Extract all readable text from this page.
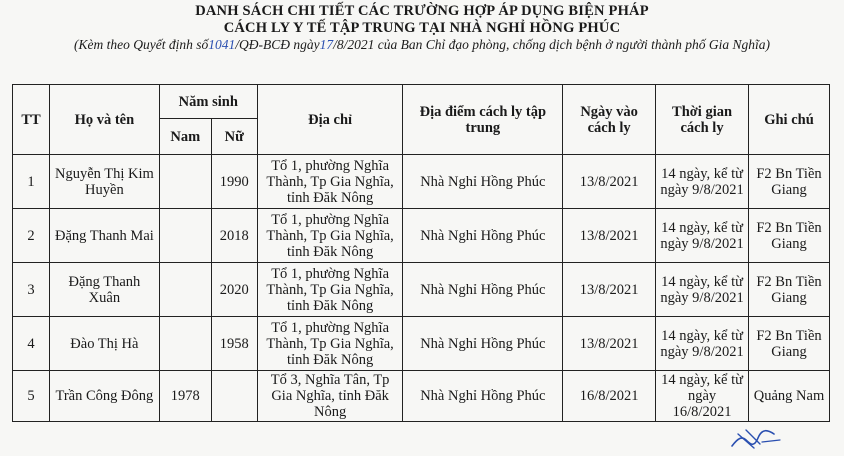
DANH SÁCH CHI TIẾT CÁC TRƯỜNG HỢP ÁP DỤNG BIỆN PHÁP
CÁCH LY Y TẾ TẬP TRUNG TẠI NHÀ NGHỈ HỒNG PHÚC
(Kèm theo Quyết định số1041/QĐ-BCĐ ngày17/8/2021 của Ban Chỉ đạo phòng, chống dịch bệnh ở người thành phố Gia Nghĩa)
TT	Họ và tên	Năm sinh		Địa chỉ	Địa điểm cách ly tập trung	Ngày vào cách ly	Thời gian cách ly	Ghi chú
		Nam	Nữ					
1	Nguyễn Thị Kim Huyền		1990	Tổ 1, phường Nghĩa Thành, Tp Gia Nghĩa, tỉnh Đăk Nông	Nhà Nghỉ Hồng Phúc	13/8/2021	14 ngày, kể từ ngày 9/8/2021	F2 Bn Tiền Giang
2	Đặng Thanh Mai		2018	Tổ 1, phường Nghĩa Thành, Tp Gia Nghĩa, tỉnh Đăk Nông	Nhà Nghỉ Hồng Phúc	13/8/2021	14 ngày, kể từ ngày 9/8/2021	F2 Bn Tiền Giang
3	Đặng Thanh Xuân		2020	Tổ 1, phường Nghĩa Thành, Tp Gia Nghĩa, tỉnh Đăk Nông	Nhà Nghỉ Hồng Phúc	13/8/2021	14 ngày, kể từ ngày 9/8/2021	F2 Bn Tiền Giang
4	Đào Thị Hà		1958	Tổ 1, phường Nghĩa Thành, Tp Gia Nghĩa, tỉnh Đăk Nông	Nhà Nghỉ Hồng Phúc	13/8/2021	14 ngày, kể từ ngày 9/8/2021	F2 Bn Tiền Giang
5	Trần Công Đông	1978		Tổ 3, Nghĩa Tân, Tp Gia Nghĩa, tỉnh Đăk Nông	Nhà Nghỉ Hồng Phúc	16/8/2021	14 ngày, kể từ ngày 16/8/2021	Quảng Nam
